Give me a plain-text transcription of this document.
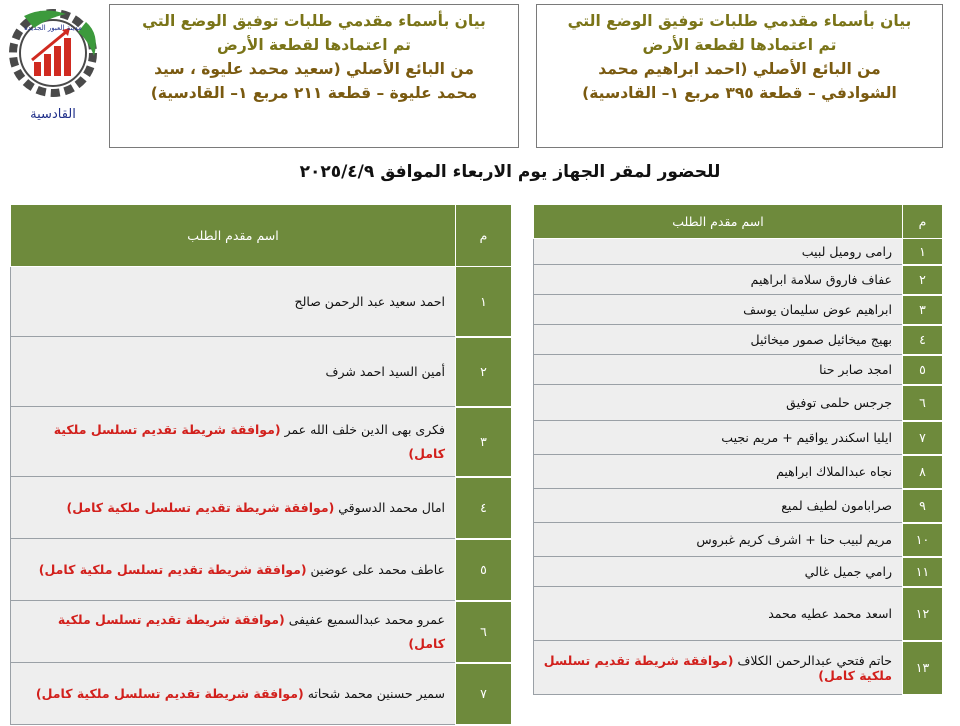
بيان بأسماء مقدمي طلبات توفيق الوضع التي
تم اعتمادها لقطعة الأرض
من البائع الأصلي (احمد ابراهيم محمد
الشوادفي – قطعة ٣٩٥ مربع ١– القادسية)
بيان بأسماء مقدمي طلبات توفيق الوضع التي
تم اعتمادها لقطعة الأرض
من البائع الأصلي (سعيد محمد عليوة ، سيد
محمد عليوة – قطعة ٢١١ مربع ١– القادسية)
مدينة العبور الجديدة
القادسية
للحضور لمقر الجهاز يوم الاربعاء الموافق ٢٠٢٥/٤/٩
م	اسم مقدم الطلب
١	رامى روميل لبيب
٢	عفاف فاروق سلامة ابراهيم
٣	ابراهيم عوض سليمان يوسف
٤	بهيج ميخائيل صمور ميخائيل
٥	امجد صابر حنا
٦	جرجس حلمى توفيق
٧	ايليا اسكندر يواقيم + مريم نجيب
٨	نجاه عبدالملاك ابراهيم
٩	صرابامون لطيف لميع
١٠	مريم لبيب حنا + اشرف كريم غبروس
١١	رامي جميل غالي
١٢	اسعد محمد عطيه محمد
١٣	حاتم فتحي عبدالرحمن الكلاف (موافقة شريطة تقديم تسلسل ملكية كامل)
م	اسم مقدم الطلب
١	احمد سعيد عبد الرحمن صالح
٢	أمين السيد احمد شرف
٣	فكرى بهى الدين خلف الله عمر (موافقة شريطة تقديم تسلسل ملكية كامل)
٤	امال محمد الدسوقي (موافقة شريطة تقديم تسلسل ملكية كامل)
٥	عاطف محمد على عوضين (موافقة شريطة تقديم تسلسل ملكية كامل)
٦	عمرو محمد عبدالسميع عفيفى (موافقة شريطة تقديم تسلسل ملكية كامل)
٧	سمير حسنين محمد شحاته (موافقة شريطة تقديم تسلسل ملكية كامل)
